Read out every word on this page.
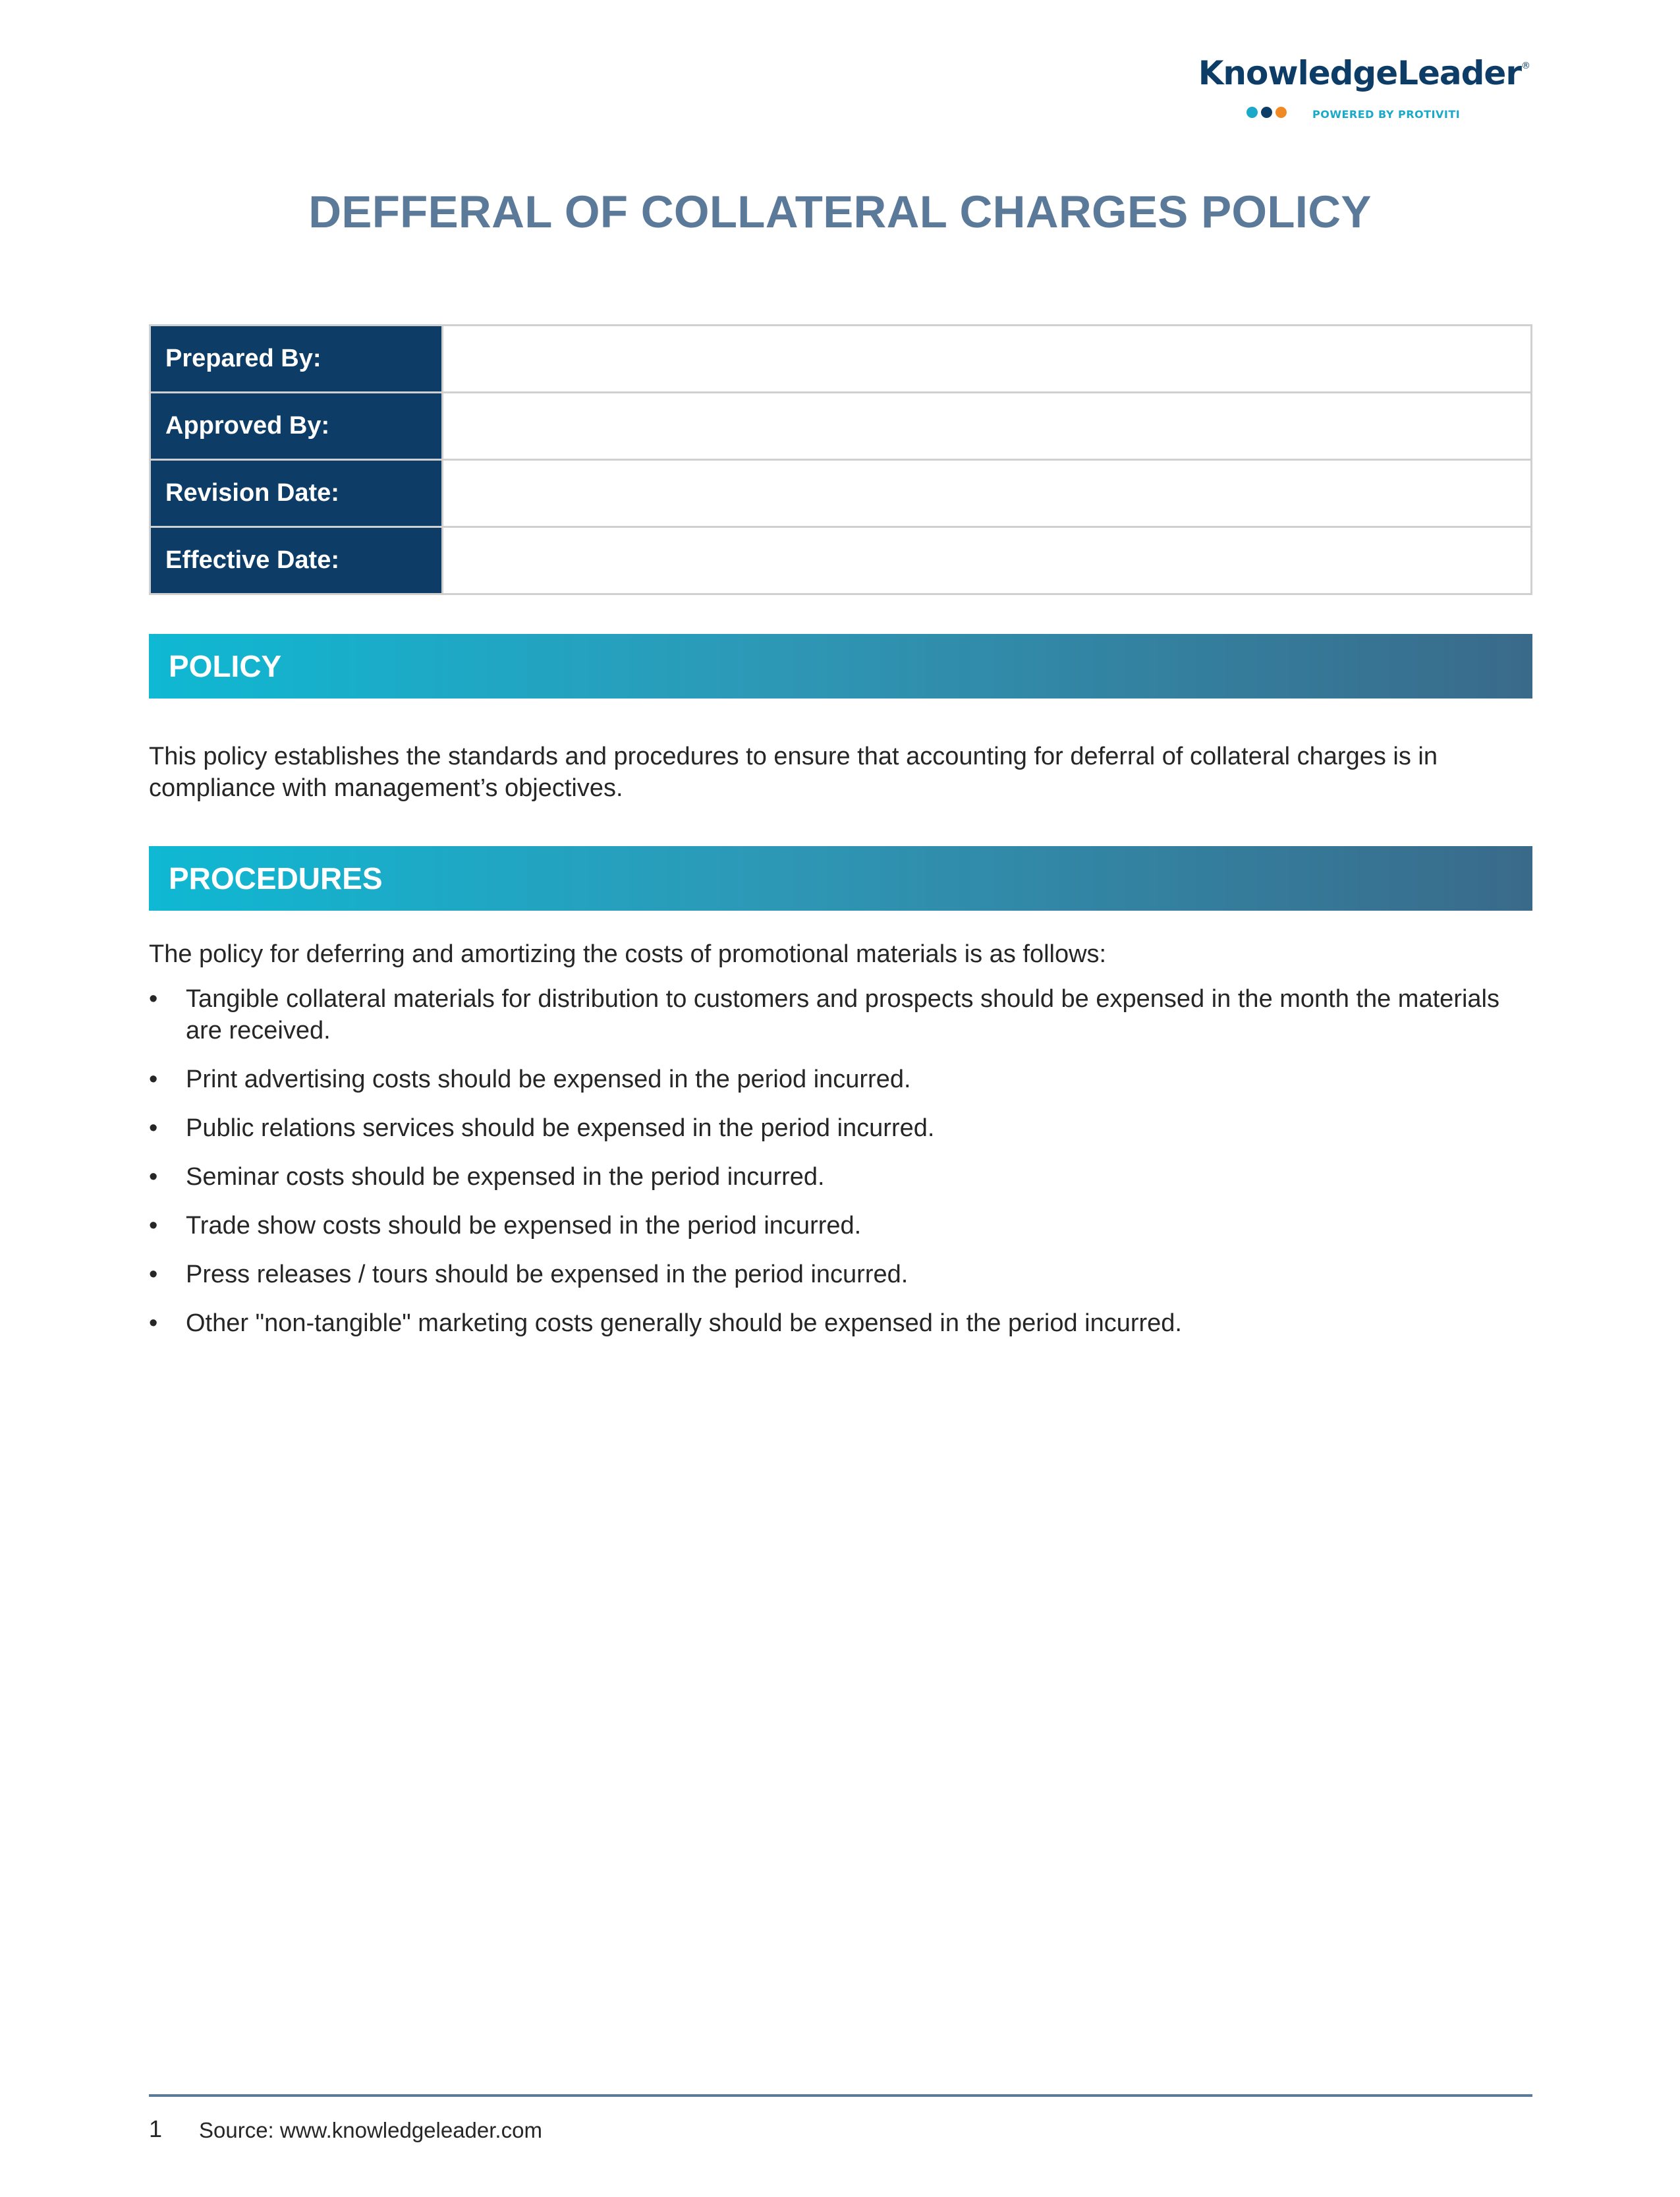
KnowledgeLeader®
POWERED BY PROTIVITI
DEFFERAL OF COLLATERAL CHARGES POLICY
Prepared By:	
Approved By:	
Revision Date:	
Effective Date:	
POLICY

This policy establishes the standards and procedures to ensure that accounting for deferral of collateral charges is in compliance with management’s objectives.

PROCEDURES

The policy for deferring and amortizing the costs of promotional materials is as follows:

• Tangible collateral materials for distribution to customers and prospects should be expensed in the month the materials are received.
• Print advertising costs should be expensed in the period incurred.
• Public relations services should be expensed in the period incurred.
• Seminar costs should be expensed in the period incurred.
• Trade show costs should be expensed in the period incurred.
• Press releases / tours should be expensed in the period incurred.
• Other "non-tangible" marketing costs generally should be expensed in the period incurred.
1 Source: www.knowledgeleader.com
